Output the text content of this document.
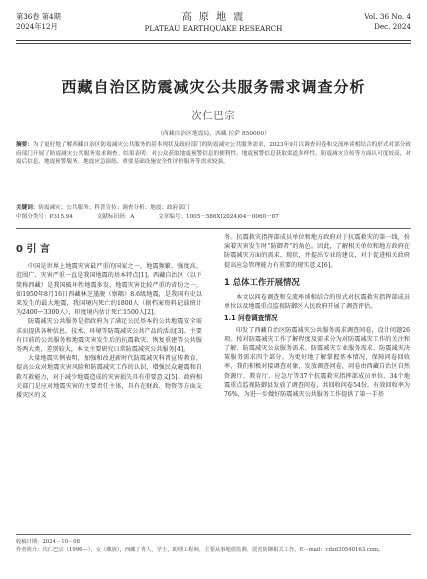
第36卷 第4期
2024年12月
高 原 地 震
PLATEAU EARTHQUAKE RESEARCH
Vol. 36 No. 4
Dec. 2024
西藏自治区防震减灾公共服务需求调查分析
次仁巴宗
（西藏自治区地震局，西藏 拉萨 850000）
摘要：为了更好地了解西藏自治区防震减灾公共服务的基本现状及政府部门的防震减灾公共服务需求，2023年9月以调查问卷和交流座谈相结合的形式对部分政府部门开展了防震减灾公共服务需求调查。结果表明：对公众获取地震预警信息的便利性、地震预警信息获取渠道多样性、防震减灾宣传等方面认可度较高，对震后信息、地震预警服务、地震应急演练、重要基础设施安全性评价服务等需求较强。
关键词：防震减灾；公共服务；科普宣传；调查分析；地震；政府部门
中图分类号：P315.94	文献标识码：A	文章编号：1005－586X(2024)04－0060－07
0 引 言

中国是世界上地震灾害最严重的国家之一，地震频繁、强度高、范围广、灾害严重一直是我国地震的基本特点[1]。西藏自治区（以下简称西藏）是我国破坏性地震多发、地震灾害比较严重的省份之一，如1950年8月16日西藏林芝墨脱（察隅）8.6级地震，是我国有史以来发生的最大地震，我国境内死亡约1800人（据档案资料记载统计为2400～3300人），印度境内估计死亡1500人[2]。

防震减灾公共服务是指政府为了满足公民基本的公共地震安全需求而提供各种信息、技术、环境等防震减灾公共产品的活动[3]。主要有目前的公共服务和地震灾害发生后的抗震救灾、恢复重建等公共服务两大类，差别较大，本文主要研究日常防震减灾公共服务[4]。

大量地震实例表明，加强和改进新时代防震减灾科普宣传教育，提高公众对地震灾害风险和防震减灾工作的认识，增强民众避震和自救互救能力，对于减少地震造成的灾害损失具有重要意义[5]。政府相关部门是应对地震灾害的主要责任主体，具有在财政、物资等方面支援灾区的义

务。抗震救灾指挥部成员单位和地方政府对于抗震救灾的第一线，扮演着灾害发生时“防御者”的角色。因此，了解相关单位和地方政府在防震减灾方面的需求、现状，并提出专业的建议，对于促进相关政府提高应急管理能力有重要的现实意义[6]。

1 总体工作开展情况

本文以问卷调查和交流座谈相结合的形式对抗震救灾指挥部成员单位以及地震重点监视防御区人民政府开展了调查评估。

1.1 问卷调查情况

印发了西藏自治区防震减灾公共服务需求调查问卷，设计问题26项。按对防震减灾工作了解程度及需求分为对防震减灾工作的关注和了解、防震减灾公众服务需求、防震减灾专业服务需求、防震减灾决策服务需求四个部分。为更好地了解掌握基本情况，保障问卷回收率，我们积极对接调查对象，发放调查问卷，问卷由西藏自治区自然资源厅、教育厅、应急厅等37个抗震救灾指挥部成员单位、34个地震重点监视防御县发放了调查问卷，共回收问卷54份，有效回收率为76%，为进一步做好防震减灾公共服务工作提供了第一手基

收稿日期：2024－10－08
作者简介：次仁巴宗（1996—），女（藏族），西藏丁青人，学士，助理工程师，主要从事地震监测、震害防御相关工作。E－mail：cdzd30540163.com。
